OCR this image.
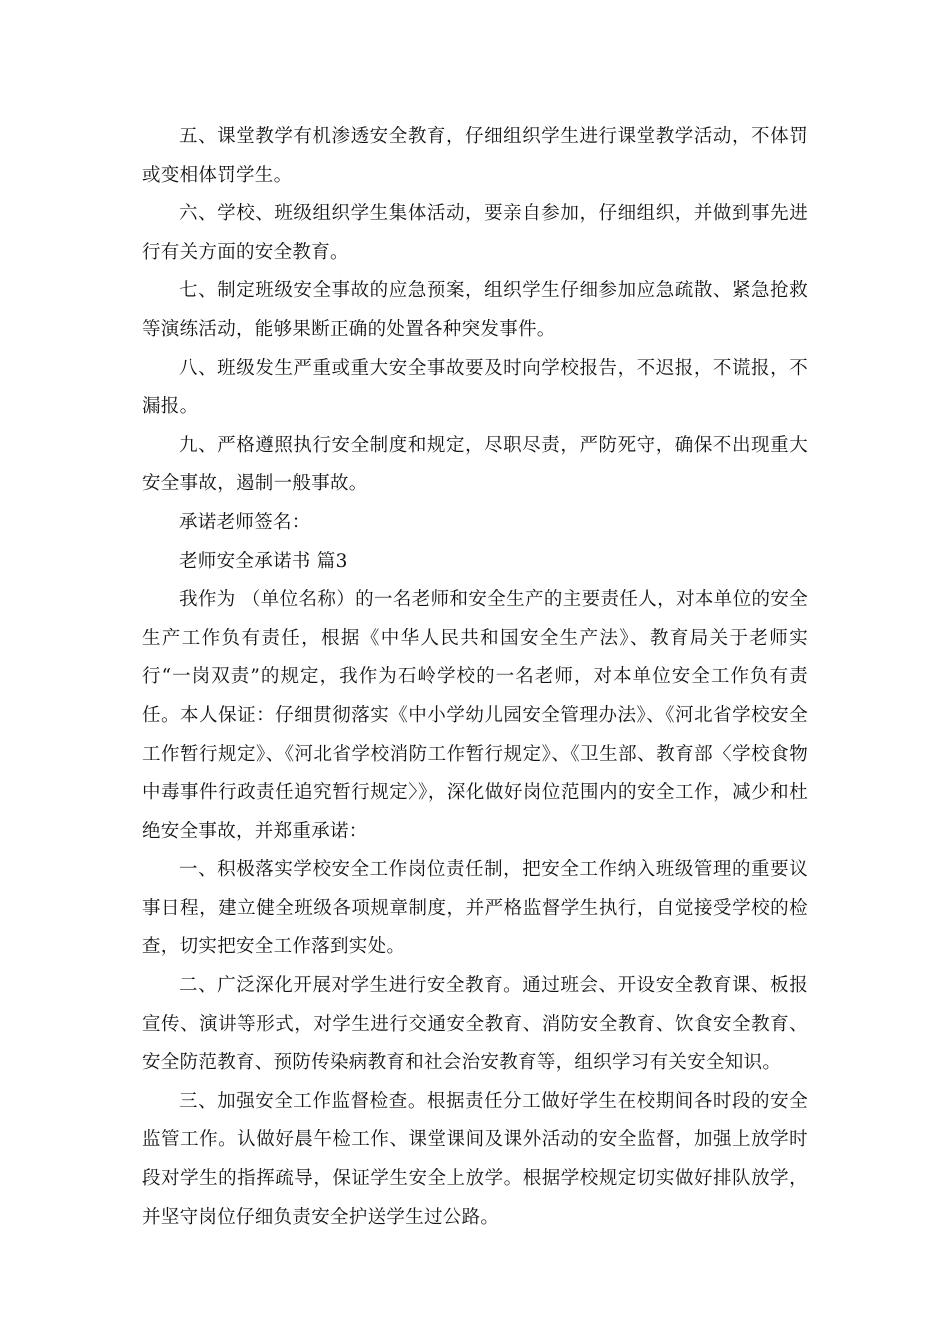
五、课堂教学有机渗透安全教育，仔细组织学生进行课堂教学活动，不体罚或变相体罚学生。

六、学校、班级组织学生集体活动，要亲自参加，仔细组织，并做到事先进行有关方面的安全教育。

七、制定班级安全事故的应急预案，组织学生仔细参加应急疏散、紧急抢救等演练活动，能够果断正确的处置各种突发事件。

八、班级发生严重或重大安全事故要及时向学校报告，不迟报，不谎报，不漏报。

九、严格遵照执行安全制度和规定，尽职尽责，严防死守，确保不出现重大安全事故，遏制一般事故。

承诺老师签名：

老师安全承诺书 篇3

我作为 （单位名称）的一名老师和安全生产的主要责任人，对本单位的安全生产工作负有责任，根据《中华人民共和国安全生产法》、教育局关于老师实行“一岗双责”的规定，我作为石岭学校的一名老师，对本单位安全工作负有责任。本人保证：仔细贯彻落实《中小学幼儿园安全管理办法》、《河北省学校安全工作暂行规定》、《河北省学校消防工作暂行规定》、《卫生部、教育部〈学校食物中毒事件行政责任追究暂行规定〉》，深化做好岗位范围内的安全工作，减少和杜绝安全事故，并郑重承诺：

一、积极落实学校安全工作岗位责任制，把安全工作纳入班级管理的重要议事日程，建立健全班级各项规章制度，并严格监督学生执行，自觉接受学校的检查，切实把安全工作落到实处。

二、广泛深化开展对学生进行安全教育。通过班会、开设安全教育课、板报宣传、演讲等形式，对学生进行交通安全教育、消防安全教育、饮食安全教育、安全防范教育、预防传染病教育和社会治安教育等，组织学习有关安全知识。

三、加强安全工作监督检查。根据责任分工做好学生在校期间各时段的安全监管工作。认做好晨午检工作、课堂课间及课外活动的安全监督，加强上放学时段对学生的指挥疏导，保证学生安全上放学。根据学校规定切实做好排队放学，并坚守岗位仔细负责安全护送学生过公路。
